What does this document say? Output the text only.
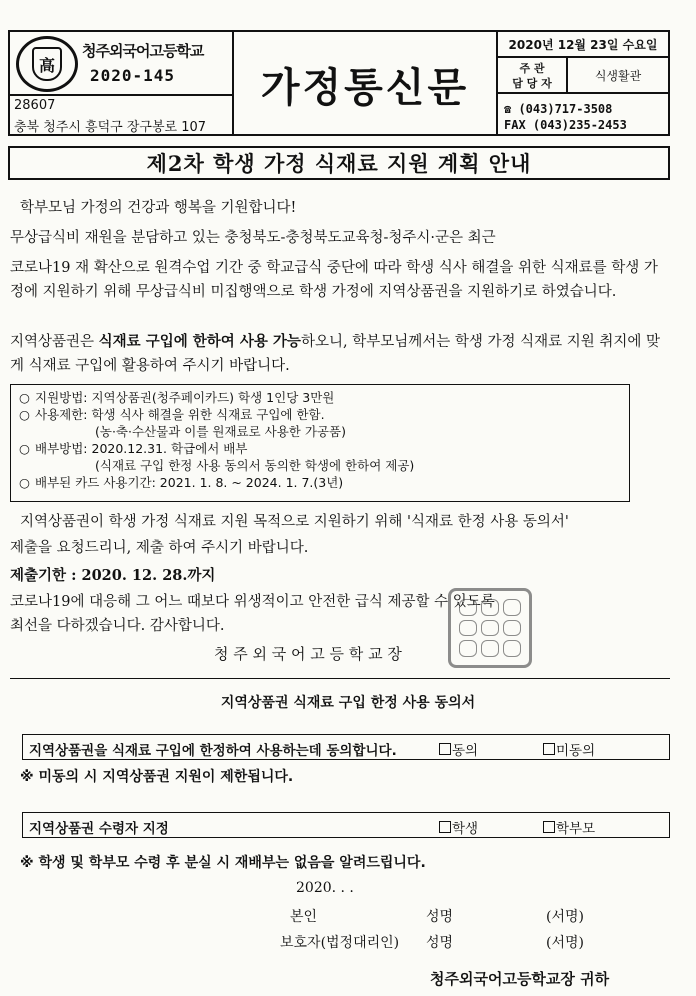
高
청주외국어고등학교
2020-145
28607
충북 청주시 흥덕구 장구봉로 107
가정통신문
2020년 12월 23일 수요일
주 관
담 당 자
식생활관
☎ (043)717-3508
FAX (043)235-2453
제2차 학생 가정 식재료 지원 계획 안내
학부모님 가정의 건강과 행복을 기원합니다!
무상급식비 재원을 분담하고 있는 충청북도-충청북도교육청-청주시·군은 최근
코로나19 재 확산으로 원격수업 기간 중 학교급식 중단에 따라 학생 식사 해결을 위한 식재료를 학생 가정에 지원하기 위해 무상급식비 미집행액으로 학생 가정에 지역상품권을 지원하기로 하였습니다.
지역상품권은 식재료 구입에 한하여 사용 가능하오니, 학부모님께서는 학생 가정 식재료 지원 취지에 맞게 식재료 구입에 활용하여 주시기 바랍니다.
○ 지원방법: 지역상품권(청주페이카드) 학생 1인당 3만원
○ 사용제한: 학생 식사 해결을 위한 식재료 구입에 한함.
(농·축·수산물과 이를 원재료로 사용한 가공품)
○ 배부방법: 2020.12.31. 학급에서 배부
(식재료 구입 한정 사용 동의서 동의한 학생에 한하여 제공)
○ 배부된 카드 사용기간: 2021. 1. 8. ~ 2024. 1. 7.(3년)
지역상품권이 학생 가정 식재료 지원 목적으로 지원하기 위해 '식재료 한정 사용 동의서'
제출을 요청드리니, 제출 하여 주시기 바랍니다.
제출기한 : 2020. 12. 28.까지
코로나19에 대응해 그 어느 때보다 위생적이고 안전한 급식 제공할 수 있도록
최선을 다하겠습니다. 감사합니다.
청 주 외 국 어 고 등 학 교 장
지역상품권 식재료 구입 한정 사용 동의서
지역상품권을 식재료 구입에 한정하여 사용하는데 동의합니다.	동의	미동의
※ 미동의 시 지역상품권 지원이 제한됩니다.
지역상품권 수령자 지정	학생	학부모
※ 학생 및 학부모 수령 후 분실 시 재배부는 없음을 알려드립니다.
2020. . .
본인	성명	(서명)
보호자(법정대리인) 성명	(서명)
청주외국어고등학교장 귀하
